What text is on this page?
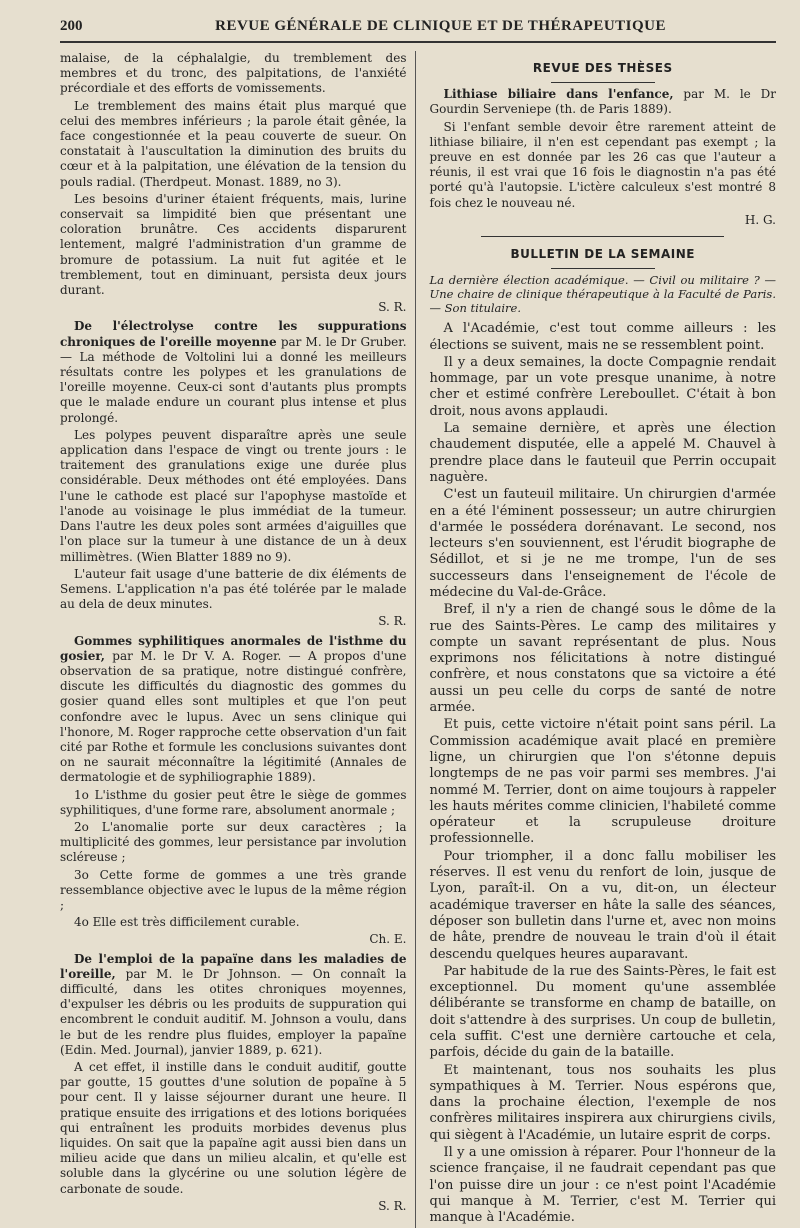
200	REVUE GÉNÉRALE DE CLINIQUE ET DE THÉRAPEUTIQUE

malaise, de la céphalalgie, du tremblement des membres et du tronc, des palpitations, de l'anxiété précordiale et des efforts de vomissements.

Le tremblement des mains était plus marqué que celui des membres inférieurs ; la parole était gênée, la face congestionnée et la peau couverte de sueur. On constatait à l'auscultation la diminution des bruits du cœur et à la palpitation, une élévation de la tension du pouls radial. (Therdpeut. Monast. 1889, no 3).

Les besoins d'uriner étaient fréquents, mais, lurine conservait sa limpidité bien que présentant une coloration brunâtre. Ces accidents disparurent lentement, malgré l'administration d'un gramme de bromure de potassium. La nuit fut agitée et le tremblement, tout en diminuant, persista deux jours durant.

S. R.

De l'électrolyse contre les suppurations chroniques de l'oreille moyenne par M. le Dr Gruber. — La méthode de Voltolini lui a donné les meilleurs résultats contre les polypes et les granulations de l'oreille moyenne. Ceux-ci sont d'autants plus prompts que le malade endure un courant plus intense et plus prolongé.

Les polypes peuvent disparaître après une seule application dans l'espace de vingt ou trente jours : le traitement des granulations exige une durée plus considérable. Deux méthodes ont été employées. Dans l'une le cathode est placé sur l'apophyse mastoïde et l'anode au voisinage le plus immédiat de la tumeur. Dans l'autre les deux poles sont armées d'aiguilles que l'on place sur la tumeur à une distance de un à deux millimètres. (Wien Blatter 1889 no 9).

L'auteur fait usage d'une batterie de dix éléments de Semens. L'application n'a pas été tolérée par le malade au dela de deux minutes.

S. R.

Gommes syphilitiques anormales de l'isthme du gosier, par M. le Dr V. A. Roger. — A propos d'une observation de sa pratique, notre distingué confrère, discute les difficultés du diagnostic des gommes du gosier quand elles sont multiples et que l'on peut confondre avec le lupus. Avec un sens clinique qui l'honore, M. Roger rapproche cette observation d'un fait cité par Rothe et formule les conclusions suivantes dont on ne saurait méconnaître la légitimité (Annales de dermatologie et de syphiliographie 1889).

1o L'isthme du gosier peut être le siège de gommes syphilitiques, d'une forme rare, absolument anormale ;

2o L'anomalie porte sur deux caractères ; la multiplicité des gommes, leur persistance par involution scléreuse ;

3o Cette forme de gommes a une très grande ressemblance objective avec le lupus de la même région ;

4o Elle est très difficilement curable.

Ch. E.

De l'emploi de la papaïne dans les maladies de l'oreille, par M. le Dr Johnson. — On connaît la difficulté, dans les otites chroniques moyennes, d'expulser les débris ou les produits de suppuration qui encombrent le conduit auditif. M. Johnson a voulu, dans le but de les rendre plus fluides, employer la papaïne (Edin. Med. Journal), janvier 1889, p. 621).

A cet effet, il instille dans le conduit auditif, goutte par goutte, 15 gouttes d'une solution de popaïne à 5 pour cent. Il y laisse séjourner durant une heure. Il pratique ensuite des irrigations et des lotions boriquées qui entraînent les produits morbides devenus plus liquides. On sait que la papaïne agit aussi bien dans un milieu acide que dans un milieu alcalin, et qu'elle est soluble dans la glycérine ou une solution légère de carbonate de soude.

S. R.

REVUE DES THÈSES

Lithiase biliaire dans l'enfance, par M. le Dr Gourdin Serveniepe (th. de Paris 1889).

Si l'enfant semble devoir être rarement atteint de lithiase biliaire, il n'en est cependant pas exempt ; la preuve en est donnée par les 26 cas que l'auteur a réunis, il est vrai que 16 fois le diagnostin n'a pas été porté qu'à l'autopsie. L'ictère calculeux s'est montré 8 fois chez le nouveau né.

H. G.

BULLETIN DE LA SEMAINE

La dernière élection académique. — Civil ou militaire ? — Une chaire de clinique thérapeutique à la Faculté de Paris. — Son titulaire.

A l'Académie, c'est tout comme ailleurs : les élections se suivent, mais ne se ressemblent point.

Il y a deux semaines, la docte Compagnie rendait hommage, par un vote presque unanime, à notre cher et estimé confrère Lereboullet. C'était à bon droit, nous avons applaudi.

La semaine dernière, et après une élection chaudement disputée, elle a appelé M. Chauvel à prendre place dans le fauteuil que Perrin occupait naguère.

C'est un fauteuil militaire. Un chirurgien d'armée en a été l'éminent possesseur; un autre chirurgien d'armée le possédera dorénavant. Le second, nos lecteurs s'en souviennent, est l'érudit biographe de Sédillot, et si je ne me trompe, l'un de ses successeurs dans l'enseignement de l'école de médecine du Val-de-Grâce.

Bref, il n'y a rien de changé sous le dôme de la rue des Saints-Pères. Le camp des militaires y compte un savant représentant de plus. Nous exprimons nos félicitations à notre distingué confrère, et nous constatons que sa victoire a été aussi un peu celle du corps de santé de notre armée.

Et puis, cette victoire n'était point sans péril. La Commission académique avait placé en première ligne, un chirurgien que l'on s'étonne depuis longtemps de ne pas voir parmi ses membres. J'ai nommé M. Terrier, dont on aime toujours à rappeler les hauts mérites comme clinicien, l'habileté comme opérateur et la scrupuleuse droiture professionnelle.

Pour triompher, il a donc fallu mobiliser les réserves. Il est venu du renfort de loin, jusque de Lyon, paraît-il. On a vu, dit-on, un électeur académique traverser en hâte la salle des séances, déposer son bulletin dans l'urne et, avec non moins de hâte, prendre de nouveau le train d'où il était descendu quelques heures auparavant.

Par habitude de la rue des Saints-Pères, le fait est exceptionnel. Du moment qu'une assemblée délibérante se transforme en champ de bataille, on doit s'attendre à des surprises. Un coup de bulletin, cela suffit. C'est une dernière cartouche et cela, parfois, décide du gain de la bataille.

Et maintenant, tous nos souhaits les plus sympathiques à M. Terrier. Nous espérons que, dans la prochaine élection, l'exemple de nos confrères militaires inspirera aux chirurgiens civils, qui siègent à l'Académie, un lutaire esprit de corps.

Il y a une omission à réparer. Pour l'honneur de la science française, il ne faudrait cependant pas que l'on puisse dire un jour : ce n'est point l'Académie qui manque à M. Terrier, c'est M. Terrier qui manque à l'Académie.
